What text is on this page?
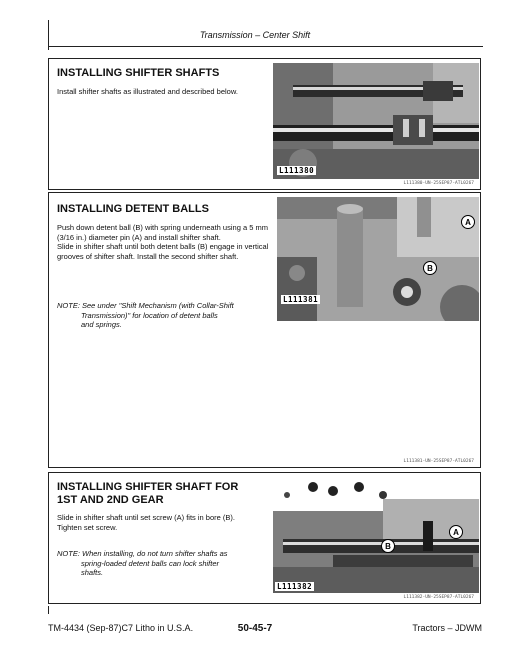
Transmission – Center Shift
INSTALLING SHIFTER SHAFTS

Install shifter shafts as illustrated and described below.

L111380
L111380-UN-25SEP87-ATL0267
INSTALLING DETENT BALLS

Push down detent ball (B) with spring underneath using a 5 mm (3/16 in.) diameter pin (A) and install shifter shaft.

Slide in shifter shaft until both detent balls (B) engage in vertical grooves of shifter shaft. Install the second shifter shaft.

NOTE: See under "Shift Mechanism (with Collar-Shift
Transmission)" for location of detent balls
and springs.
L111381
A
B
L111381-UN-25SEP87-ATL0267
INSTALLING SHIFTER SHAFT FOR
1ST AND 2ND GEAR

Slide in shifter shaft until set screw (A) fits in bore (B).

Tighten set screw.

NOTE: When installing, do not turn shifter shafts as
spring-loaded detent balls can lock shifter
shafts.
L111382
A
B
L111382-UN-25SEP87-ATL0267
TM-4434 (Sep-87)C7 Litho in U.S.A.	50-45-7	Tractors – JDWM
